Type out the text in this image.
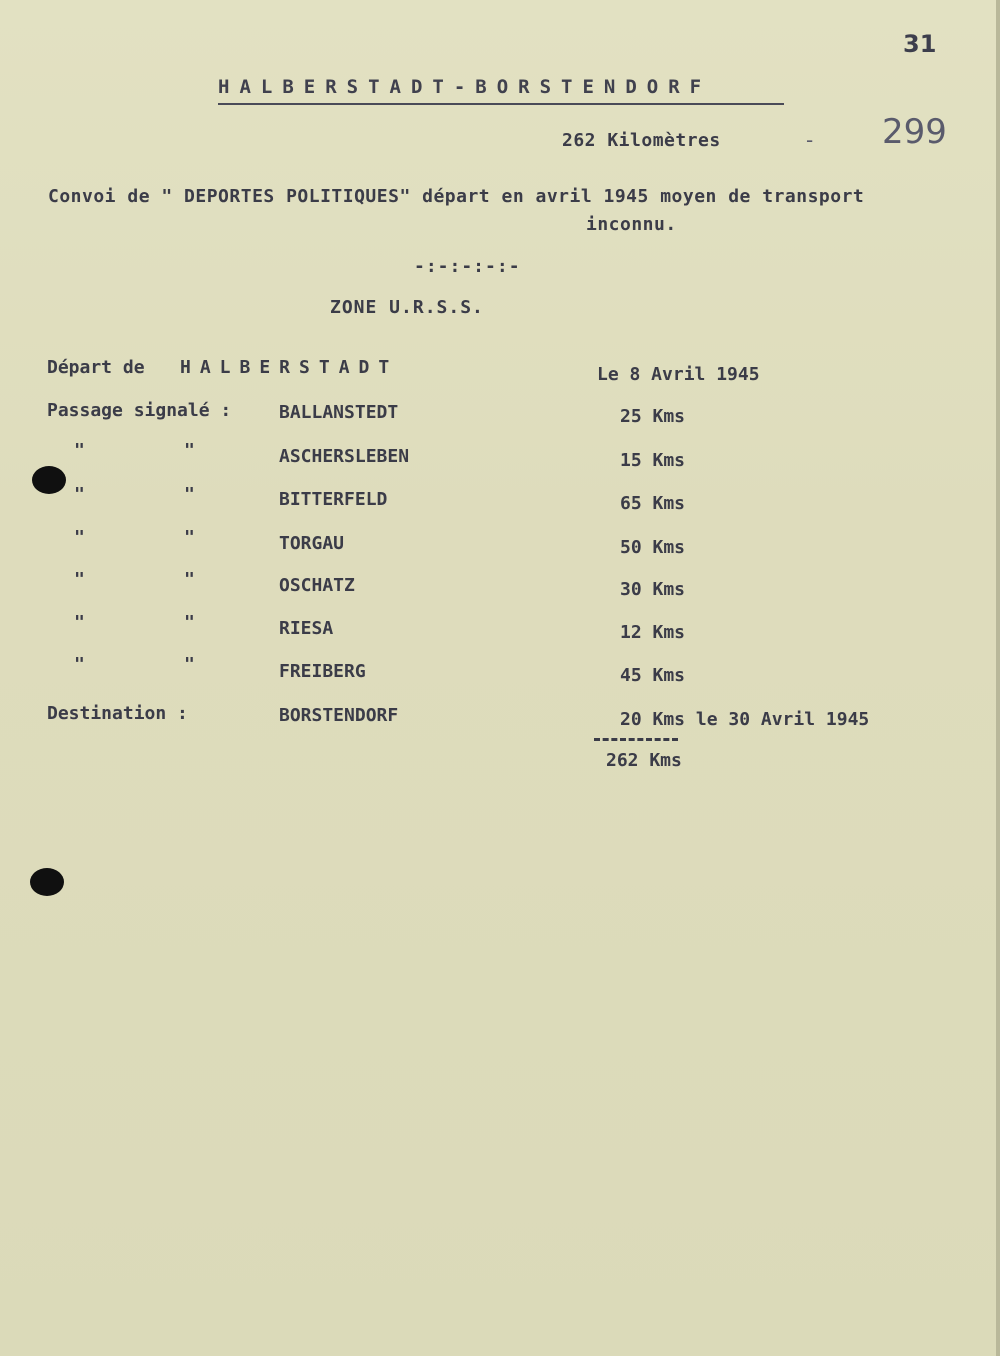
31
- 299
HALBERSTADT-BORSTENDORF
262 Kilomètres
Convoi de " DEPORTES POLITIQUES" départ en avril 1945 moyen de transport
inconnu.
-:-:-:-:-
ZONE U.R.S.S.
Départ de HALBERSTADT	Le 8 Avril 1945
Passage signalé :	BALLANSTEDT	25 Kms
"	"	ASCHERSLEBEN	15 Kms
"	"	BITTERFELD	65 Kms
"	"	TORGAU	50 Kms
"	"	OSCHATZ	30 Kms
"	"	RIESA	12 Kms
"	"	FREIBERG	45 Kms
Destination :	BORSTENDORF	20 Kms le 30 Avril 1945
262 Kms
